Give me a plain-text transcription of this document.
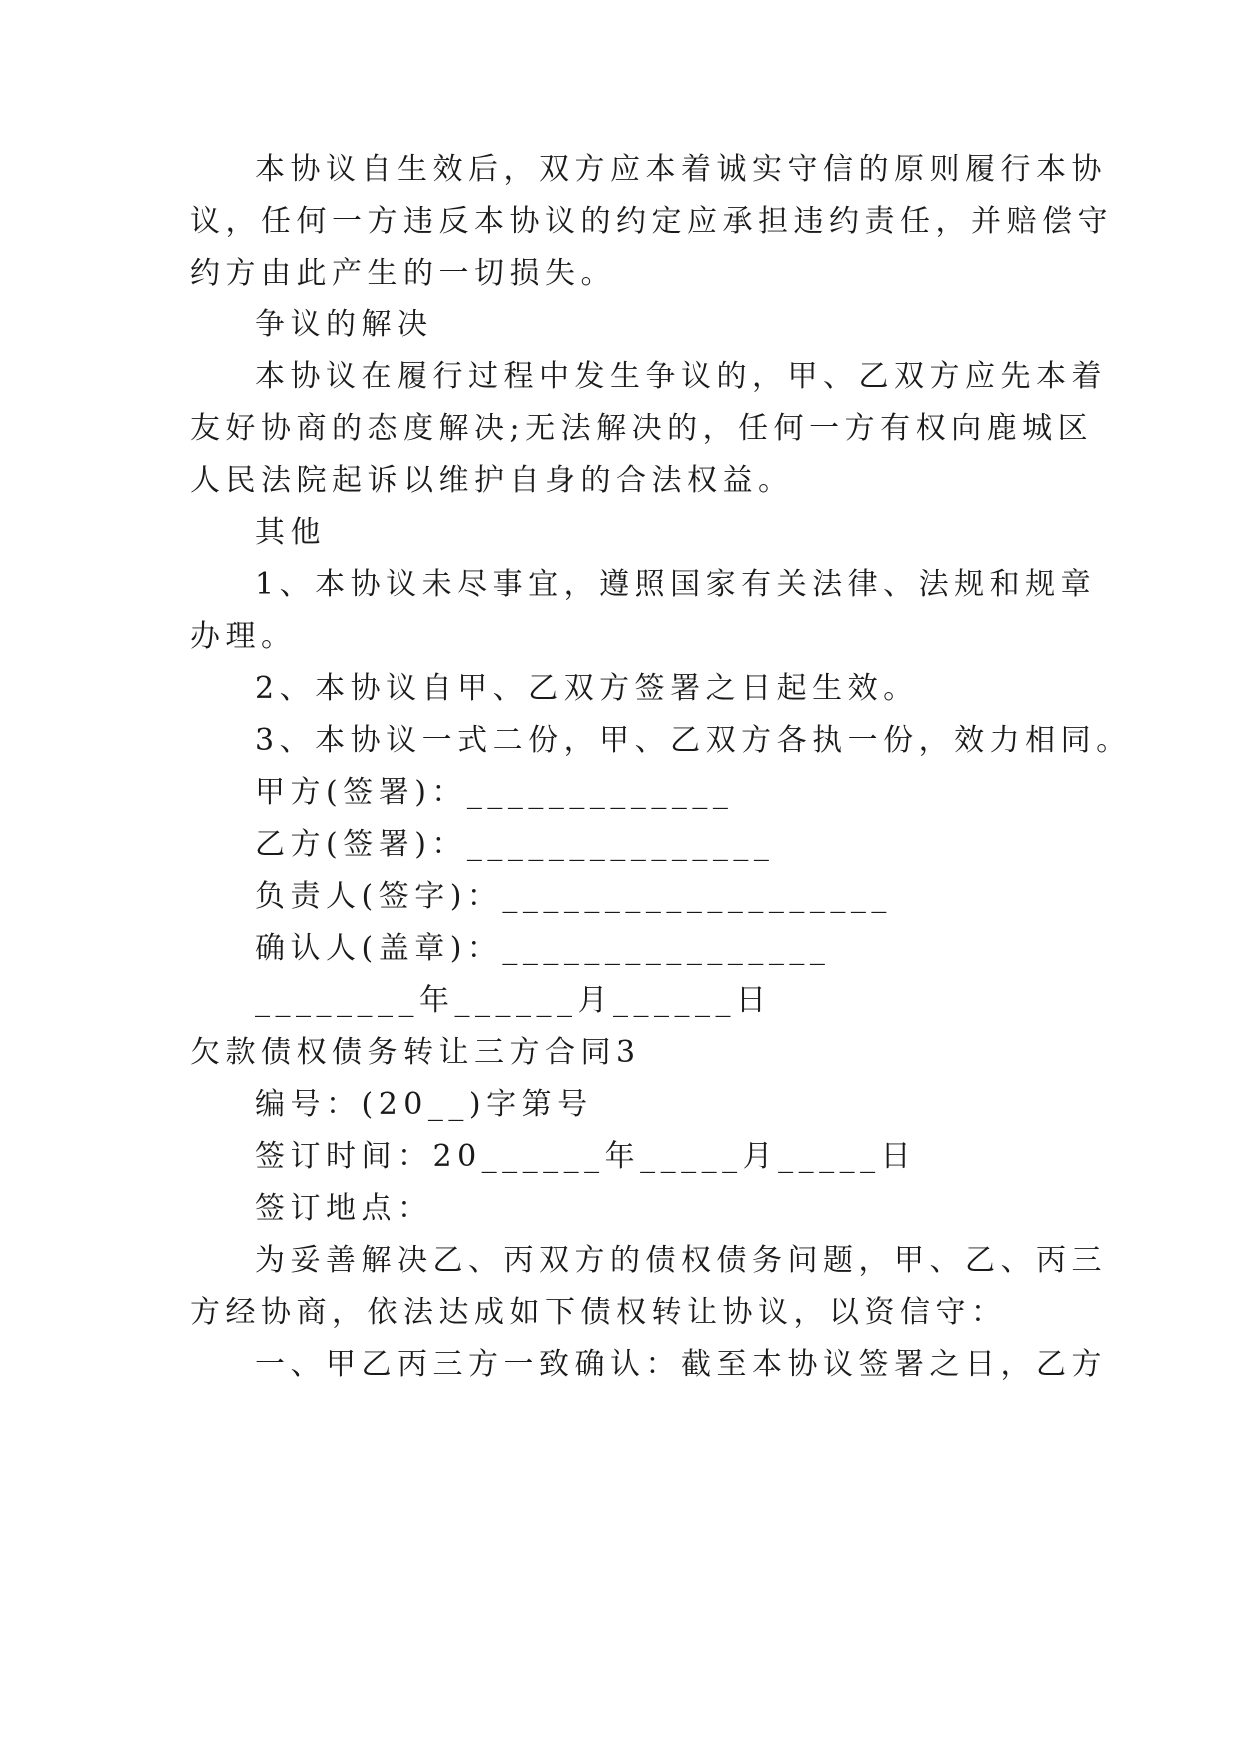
本协议自生效后，双方应本着诚实守信的原则履行本协

议，任何一方违反本协议的约定应承担违约责任，并赔偿守

约方由此产生的一切损失。

争议的解决

本协议在履行过程中发生争议的，甲、乙双方应先本着

友好协商的态度解决;无法解决的，任何一方有权向鹿城区

人民法院起诉以维护自身的合法权益。

其他

1、本协议未尽事宜，遵照国家有关法律、法规和规章

办理。

2、本协议自甲、乙双方签署之日起生效。

3、本协议一式二份，甲、乙双方各执一份，效力相同。

甲方(签署)：_____________

乙方(签署)：_______________

负责人(签字)：___________________

确认人(盖章)：________________

________年______月______日

欠款债权债务转让三方合同3

编号：(20__)字第号

签订时间：20______年_____月_____日

签订地点：

为妥善解决乙、丙双方的债权债务问题，甲、乙、丙三

方经协商，依法达成如下债权转让协议，以资信守：

一、甲乙丙三方一致确认：截至本协议签署之日，乙方
